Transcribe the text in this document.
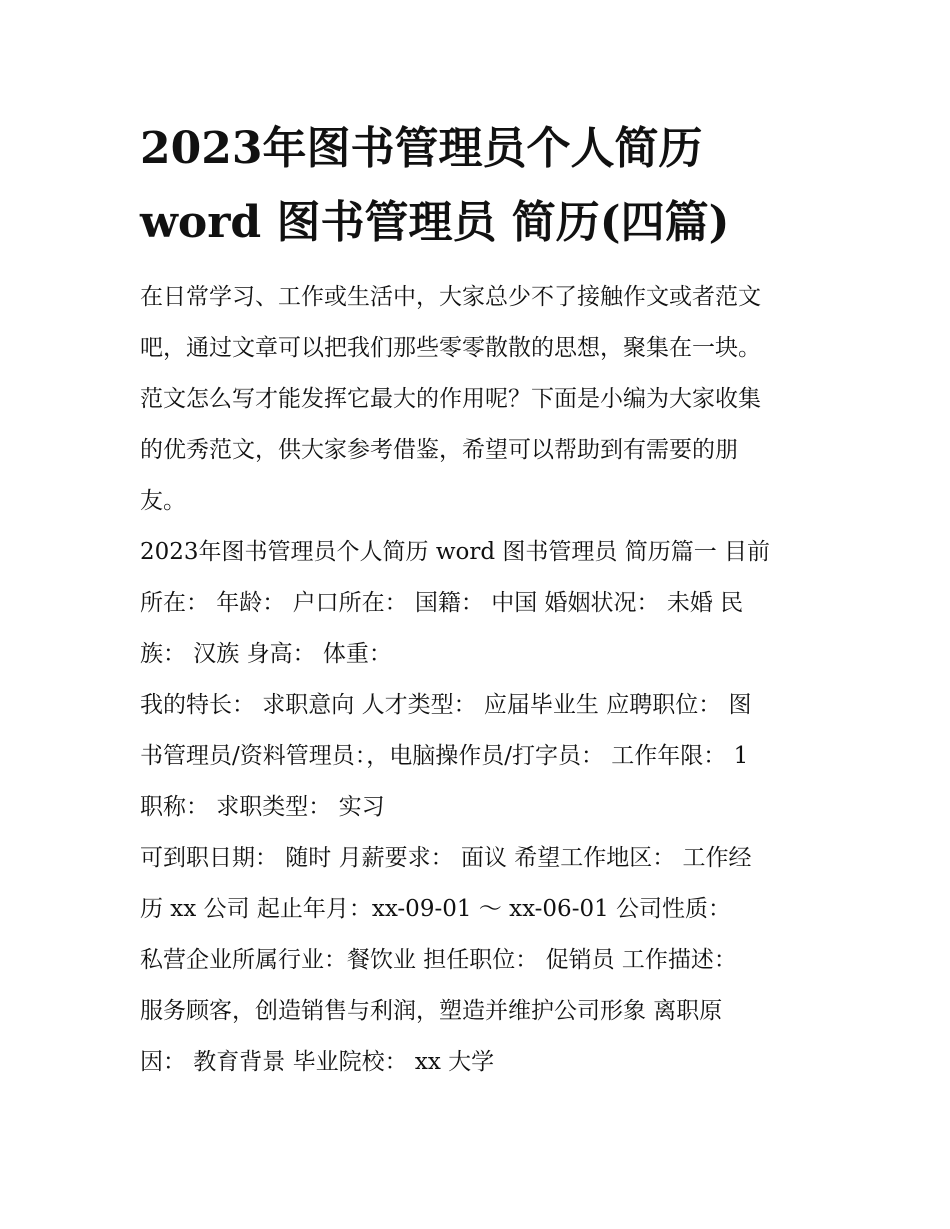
2023年图书管理员个人简历
word 图书管理员 简历(四篇)

在日常学习、工作或生活中，大家总少不了接触作文或者范文
吧，通过文章可以把我们那些零零散散的思想，聚集在一块。
范文怎么写才能发挥它最大的作用呢？下面是小编为大家收集
的优秀范文，供大家参考借鉴，希望可以帮助到有需要的朋
友。

2023年图书管理员个人简历 word 图书管理员 简历篇一 目前
所在： 年龄： 户口所在： 国籍： 中国 婚姻状况： 未婚 民
族： 汉族 身高： 体重：

我的特长： 求职意向 人才类型： 应届毕业生 应聘职位： 图
书管理员/资料管理员：，电脑操作员/打字员： 工作年限： 1
职称： 求职类型： 实习

可到职日期： 随时 月薪要求： 面议 希望工作地区： 工作经
历 xx 公司 起止年月：xx-09-01 ～ xx-06-01 公司性质：

私营企业所属行业：餐饮业 担任职位： 促销员 工作描述：
服务顾客，创造销售与利润，塑造并维护公司形象 离职原
因： 教育背景 毕业院校： xx 大学
